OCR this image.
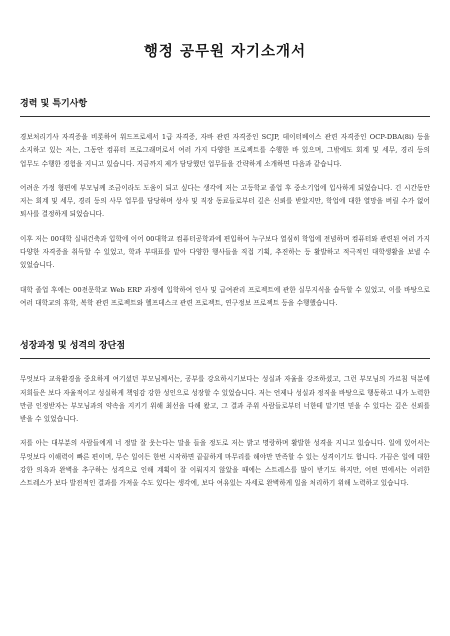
행정 공무원 자기소개서
경력 및 특기사항

경보처리기사 자격증을 비롯하여 워드프로세서 1급 자격증, 자바 관련 자격증인 SCJP, 데이터베이스 관련 자격증인 OCP-DBA(8i) 등을 소지하고 있는 저는, 그동안 컴퓨터 프로그래머로서 여러 가지 다양한 프로젝트를 수행한 바 있으며, 그밖에도 회계 및 세무, 경리 등의 업무도 수행한 경험을 지니고 있습니다. 지금까지 제가 담당했던 업무들을 간략하게 소개하면 다음과 같습니다.

어려운 가정 형편에 부모님께 조금이라도 도움이 되고 싶다는 생각에 저는 고등학교 졸업 후 중소기업에 입사하게 되었습니다. 긴 시간동안 저는 회계 및 세무, 경리 등의 사무 업무를 담당하며 상사 및 직장 동료들로부터 깊은 신뢰를 받았지만, 학업에 대한 열망을 버릴 수가 없어 퇴사를 결정하게 되었습니다.

이후 저는 00대학 실내건축과 입학에 이어 00대학교 컴퓨터공학과에 편입하여 누구보다 열심히 학업에 전념하며 컴퓨터와 관련된 여러 가지 다양한 자격증을 취득할 수 있었고, 학과 부대표를 맡아 다양한 행사들을 직접 기획, 추진하는 등 활발하고 적극적인 대학생활을 보낼 수 있었습니다.

대학 졸업 후에는 00전문학교 Web ERP 과정에 입학하여 인사 및 급여관리 프로젝트에 관한 실무지식을 습득할 수 있었고, 이를 바탕으로 여러 대학교의 휴학, 복학 관련 프로젝트와 헬프데스크 관련 프로젝트, 연구정보 프로젝트 등을 수행했습니다.

성장과정 및 성격의 장단점

무엇보다 교육환경을 중요하게 여기셨던 부모님께서는, 공부를 강요하시기보다는 성실과 자율을 강조하셨고, 그런 부모님의 가르침 덕분에 저희들은 보다 자율적이고 성실하게 책임감 강한 성인으로 성장할 수 있었습니다. 저는 언제나 성실과 정직을 바탕으로 행동하고 내가 노력한 만큼 인정받자는 부모님과의 약속을 지키기 위해 최선을 다해 왔고, 그 결과 주위 사람들로부터 너한테 맡기면 믿을 수 있다는 깊은 신뢰를 받을 수 있었습니다.

저를 아는 대부분의 사람들에게 너 정말 잘 웃는다는 말을 들을 정도로 저는 밝고 명랑하며 활발한 성격을 지니고 있습니다. 일에 있어서는 무엇보다 이해력이 빠른 편이며, 무슨 일이든 한번 시작하면 끝끝하게 마무리를 해야만 만족할 수 있는 성격이기도 합니다. 가끔은 일에 대한 강한 의욕과 완벽을 추구하는 성격으로 인해 계획이 잘 이뤄지지 않았을 때에는 스트레스를 많이 받기도 하지만, 어떤 면에서는 이러한 스트레스가 보다 발전적인 결과를 가져올 수도 있다는 생각에, 보다 여유있는 자세로 완벽하게 일을 처리하기 위해 노력하고 있습니다.
